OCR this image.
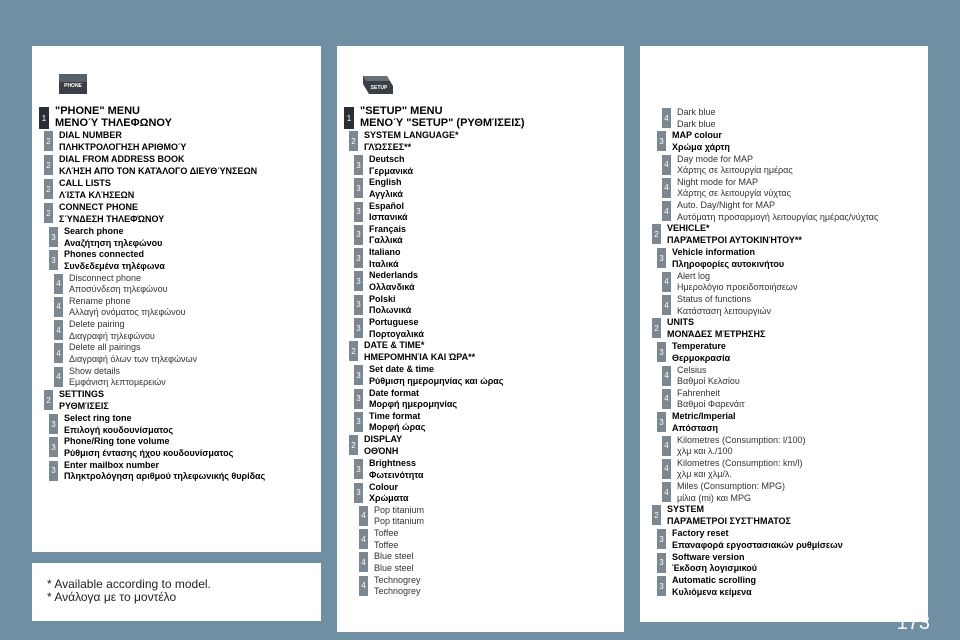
PHONE
1
"PHONE" MENU
ΜΕΝΟΎ ΤΗΛΕΦΩΝΟΥ
2
DIAL NUMBER
ΠΛΗΚΤΡΟΛΟΓΗΣΗ ΑΡΙΘΜΟΎ
2
DIAL FROM ADDRESS BOOK
ΚΛΉΣΗ ΑΠΌ ΤΟΝ ΚΑΤΆΛΟΓΟ ΔΙΕΥΘΎΝΣΕΩΝ
2
CALL LISTS
ΛΊΣΤΑ ΚΛΉΣΕΩΝ
2
CONNECT PHONE
ΣΎΝΔΕΣΗ ΤΗΛΕΦΏΝΟΥ
3
Search phone
Αναζήτηση τηλεφώνου
3
Phones connected
Συνδεδεμένα τηλέφωνα
4
Disconnect phone
Αποσύνδεση τηλεφώνου
4
Rename phone
Αλλαγή ονόματος τηλεφώνου
4
Delete pairing
Διαγραφή τηλεφώνου
4
Delete all pairings
Διαγραφή όλων των τηλεφώνων
4
Show details
Εμφάνιση λεπτομερειών
2
SETTINGS
ΡΥΘΜΊΣΕΙΣ
3
Select ring tone
Επιλογή κουδουνίσματος
3
Phone/Ring tone volume
Ρύθμιση έντασης ήχου κουδουνίσματος
3
Enter mailbox number
Πληκτρολόγηση αριθμού τηλεφωνικής θυρίδας
SETUP
1
"SETUP" MENU
ΜΕΝΟΎ "SETUP" (ΡΥΘΜΊΣΕΙΣ)
2
SYSTEM LANGUAGE*
ΓΛΏΣΣΕΣ**
3
Deutsch
Γερμανικά
3
English
Αγγλικά
3
Español
Ισπανικά
3
Français
Γαλλικά
3
Italiano
Ιταλικά
3
Nederlands
Ολλανδικά
3
Polski
Πολωνικά
3
Portuguese
Πορτογαλικά
2
DATE & TIME*
ΗΜΕΡΟΜΗΝΊΑ ΚΑΙ ΏΡΑ**
3
Set date & time
Ρύθμιση ημερομηνίας και ώρας
3
Date format
Μορφή ημερομηνίας
3
Time format
Μορφή ώρας
2
DISPLAY
ΟΘΌΝΗ
3
Brightness
Φωτεινότητα
3
Colour
Χρώματα
4
Pop titanium
Pop titanium
4
Toffee
Toffee
4
Blue steel
Blue steel
4
Technogrey
Technogrey
4
Dark blue
Dark blue
3
MAP colour
Χρώμα χάρτη
4
Day mode for MAP
Χάρτης σε λειτουργία ημέρας
4
Night mode for MAP
Χάρτης σε λειτουργία νύχτας
4
Auto. Day/Night for MAP
Αυτόματη προσαρμογή λειτουργίας ημέρας/νύχτας
2
VEHICLE*
ΠΑΡΆΜΕΤΡΟΙ ΑΥΤΟΚΙΝΉΤΟΥ**
3
Vehicle information
Πληροφορίες αυτοκινήτου
4
Alert log
Ημερολόγιο προειδοποιήσεων
4
Status of functions
Κατάσταση λειτουργιών
2
UNITS
ΜΟΝΆΔΕΣ ΜΈΤΡΗΣΗΣ
3
Temperature
Θερμοκρασία
4
Celsius
Βαθμοί Κελσίου
4
Fahrenheit
Βαθμοί Φαρενάιτ
3
Metric/Imperial
Απόσταση
4
Kilometres (Consumption: l/100)
χλμ και λ./100
4
Kilometres (Consumption: km/l)
χλμ και χλμ/λ.
4
Miles (Consumption: MPG)
μίλια (mi) και MPG
2
SYSTEM
ΠΑΡΆΜΕΤΡΟΙ ΣΥΣΤΉΜΑΤΟΣ
3
Factory reset
Επαναφορά εργοστασιακών ρυθμίσεων
3
Software version
Έκδοση λογισμικού
3
Automatic scrolling
Κυλιόμενα κείμενα
* Available according to model.
* Ανάλογα με το μοντέλο
173
